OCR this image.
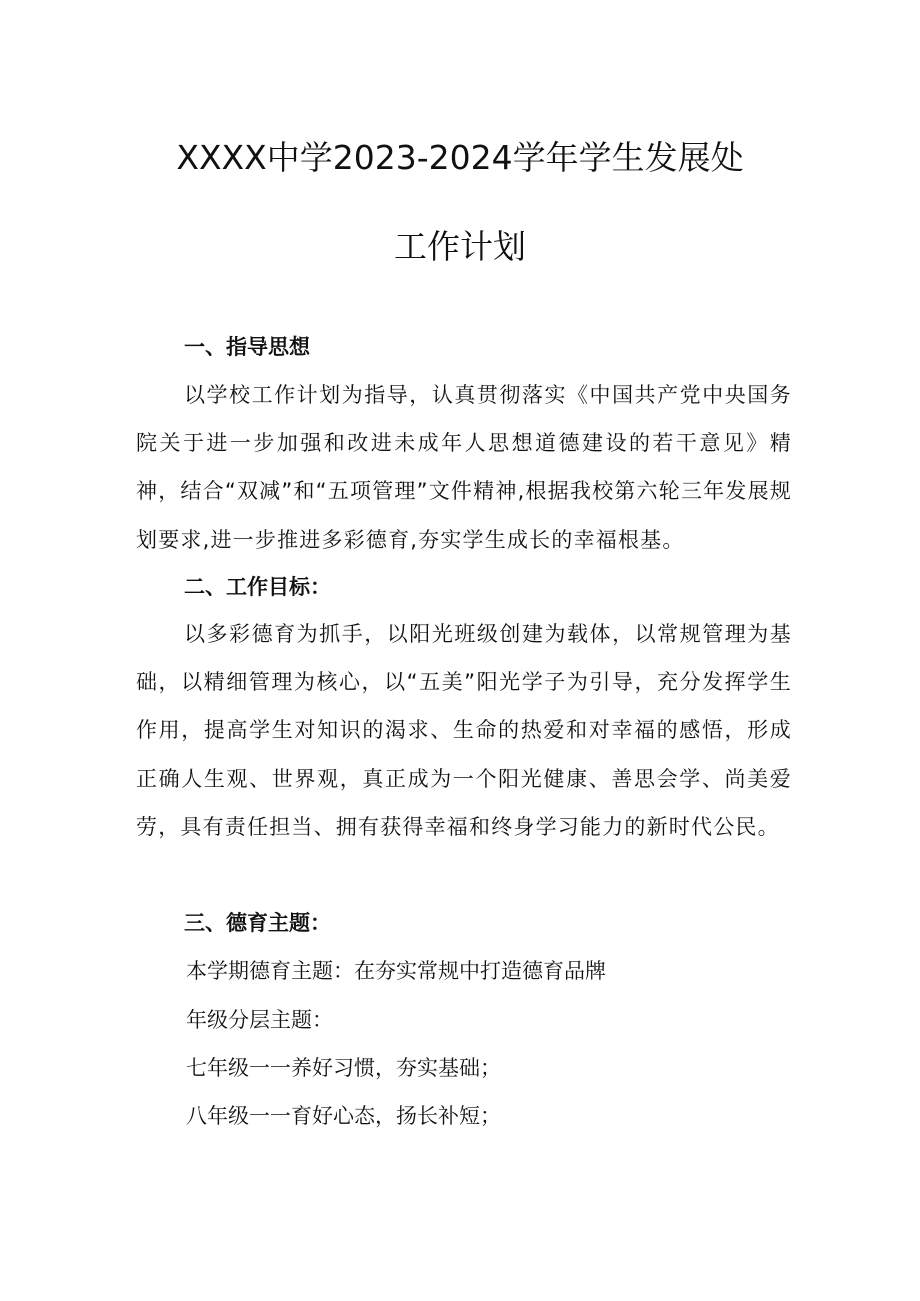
XXXX中学2023-2024学年学生发展处
工作计划
一、指导思想
以学校工作计划为指导，认真贯彻落实《中国共产党中央国务院关于进一步加强和改进未成年人思想道德建设的若干意见》精神，结合“双减”和“五项管理”文件精神,根据我校第六轮三年发展规划要求,进一步推进多彩德育,夯实学生成长的幸福根基。
二、工作目标：
以多彩德育为抓手，以阳光班级创建为载体，以常规管理为基础，以精细管理为核心，以“五美”阳光学子为引导，充分发挥学生作用，提高学生对知识的渴求、生命的热爱和对幸福的感悟，形成正确人生观、世界观，真正成为一个阳光健康、善思会学、尚美爱劳，具有责任担当、拥有获得幸福和终身学习能力的新时代公民。
三、德育主题：
本学期德育主题：在夯实常规中打造德育品牌
年级分层主题：
七年级一一养好习惯，夯实基础；
八年级一一育好心态，扬长补短；
